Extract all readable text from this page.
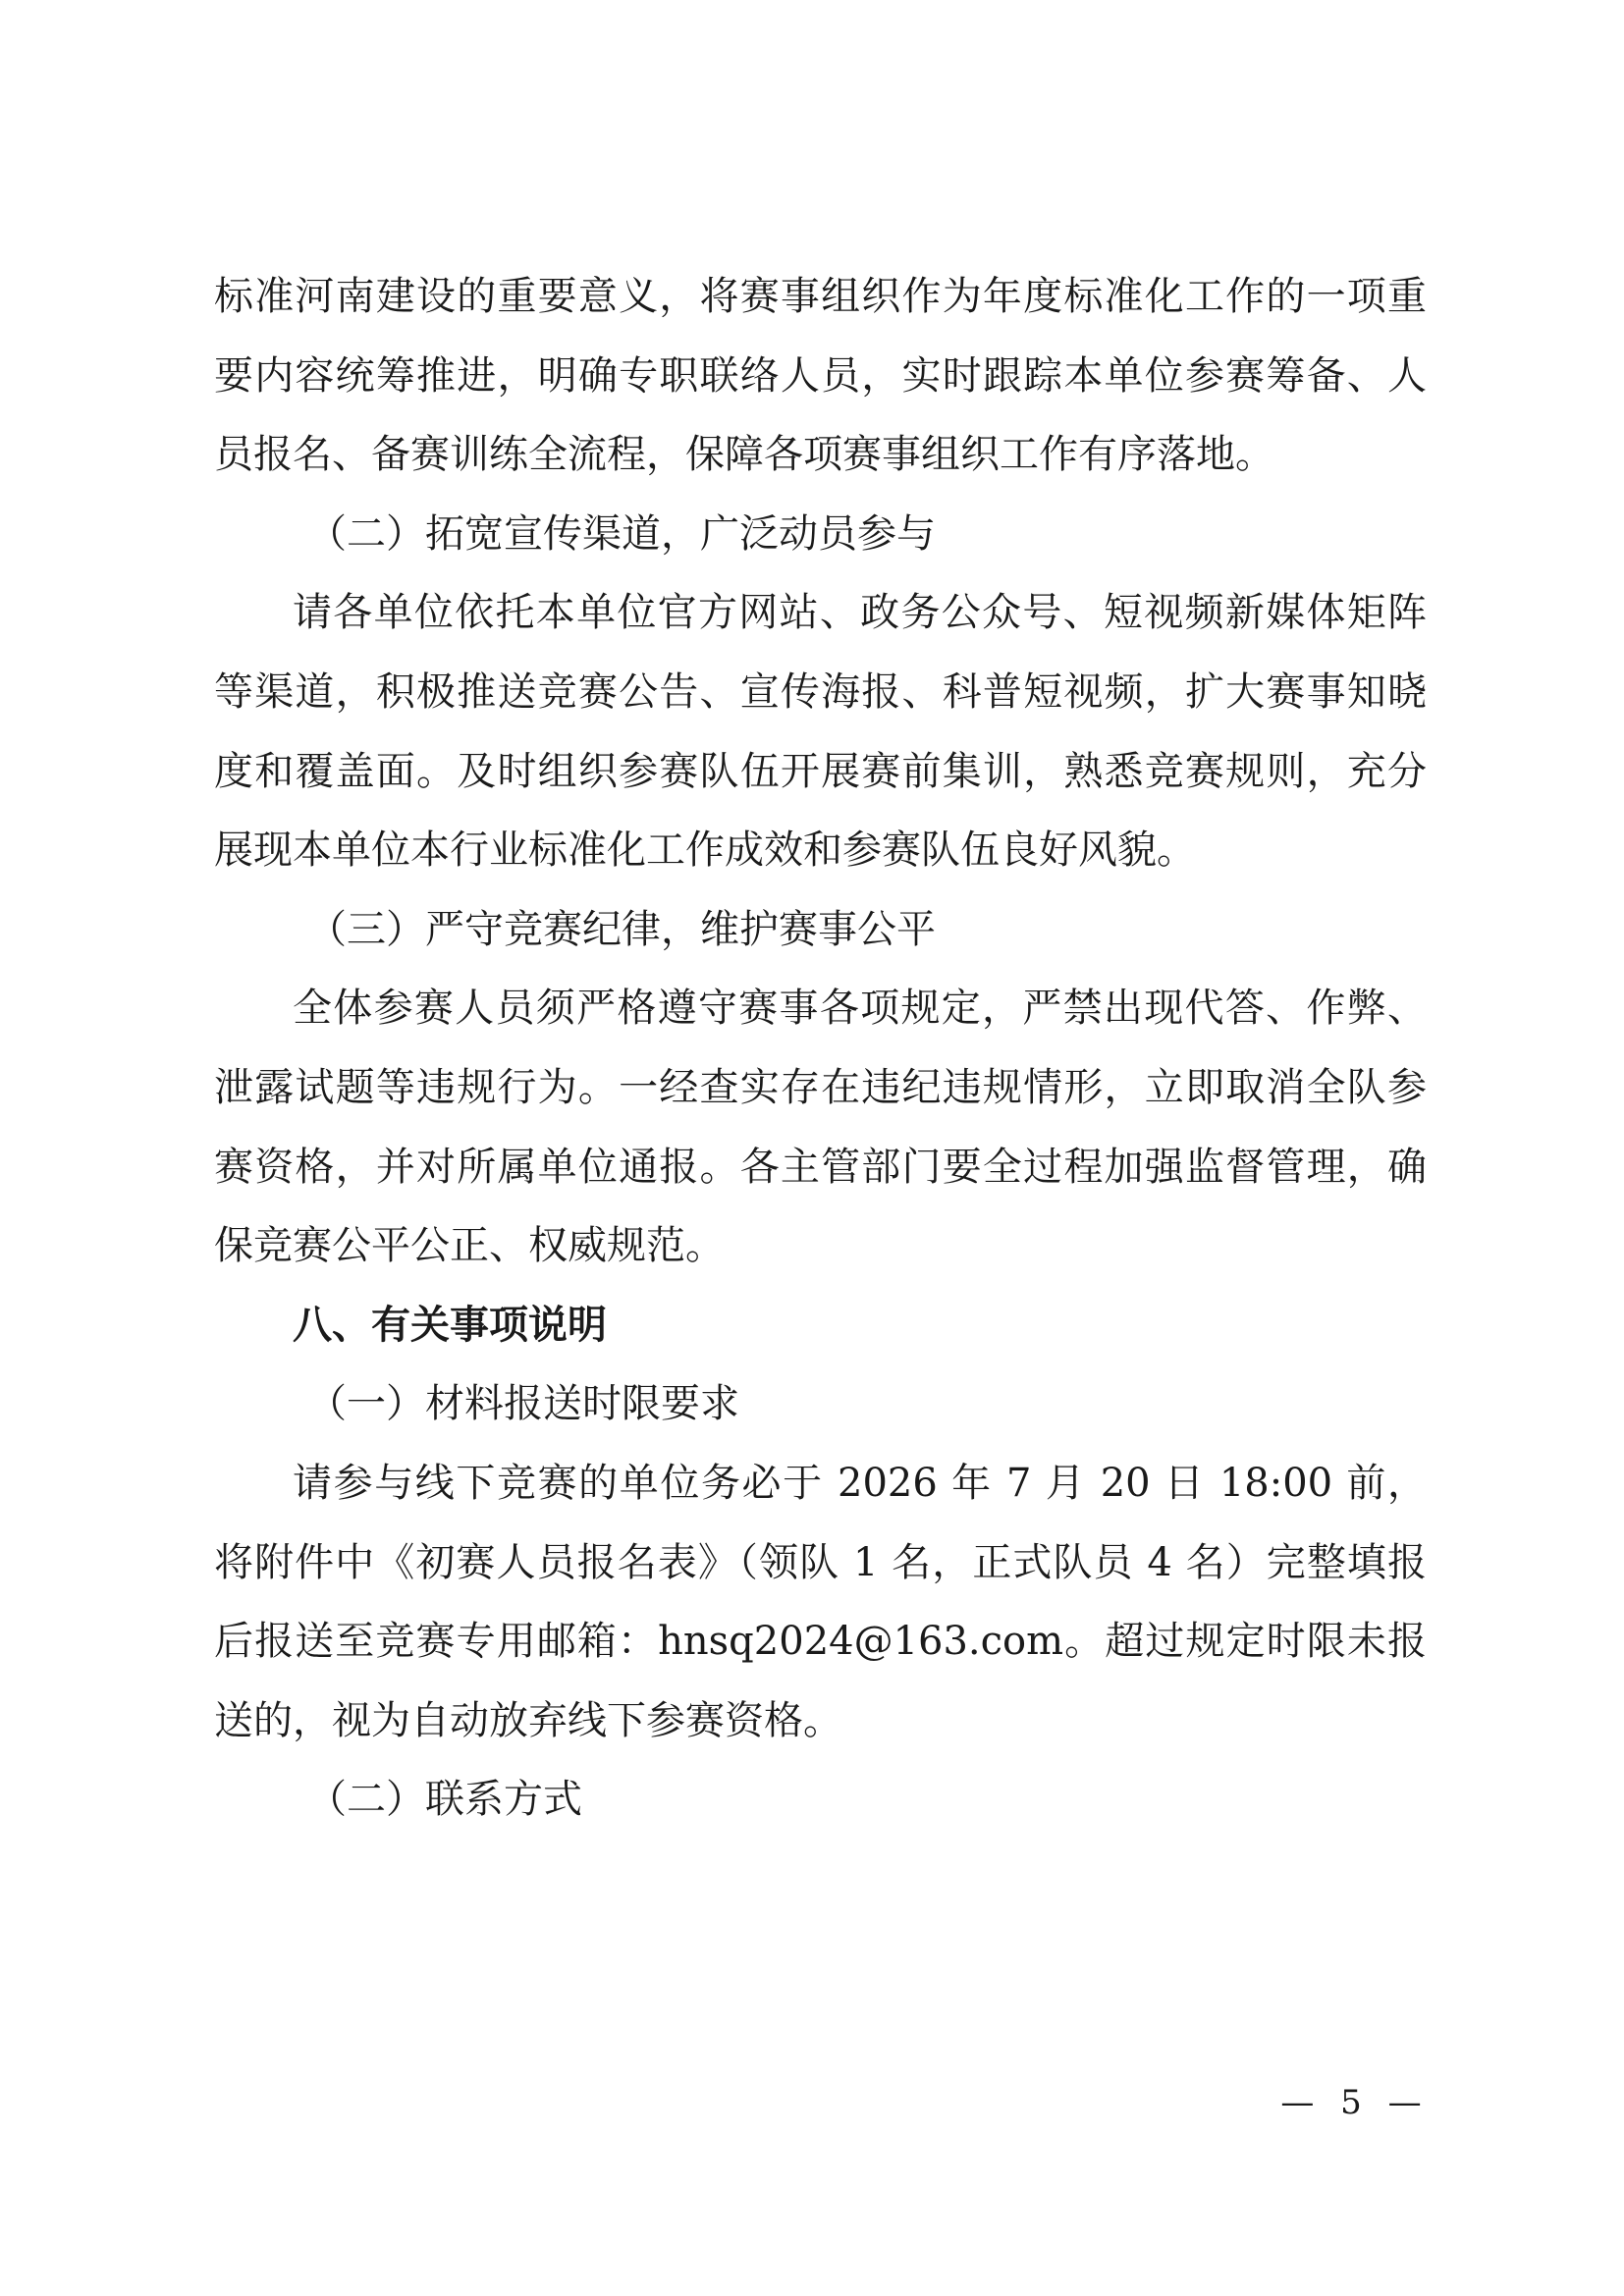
标准河南建设的重要意义，将赛事组织作为年度标准化工作的一项重要内容统筹推进，明确专职联络人员，实时跟踪本单位参赛筹备、人员报名、备赛训练全流程，保障各项赛事组织工作有序落地。

（二）拓宽宣传渠道，广泛动员参与

请各单位依托本单位官方网站、政务公众号、短视频新媒体矩阵等渠道，积极推送竞赛公告、宣传海报、科普短视频，扩大赛事知晓度和覆盖面。及时组织参赛队伍开展赛前集训，熟悉竞赛规则，充分展现本单位本行业标准化工作成效和参赛队伍良好风貌。

（三）严守竞赛纪律，维护赛事公平

全体参赛人员须严格遵守赛事各项规定，严禁出现代答、作弊、泄露试题等违规行为。一经查实存在违纪违规情形，立即取消全队参赛资格，并对所属单位通报。各主管部门要全过程加强监督管理，确保竞赛公平公正、权威规范。

八、有关事项说明

（一）材料报送时限要求

请参与线下竞赛的单位务必于 2026 年 7 月 20 日 18:00 前，将附件中《初赛人员报名表》（领队 1 名，正式队员 4 名）完整填报后报送至竞赛专用邮箱：hnsq2024@163.com。超过规定时限未报送的，视为自动放弃线下参赛资格。

（二）联系方式

— 5 —
